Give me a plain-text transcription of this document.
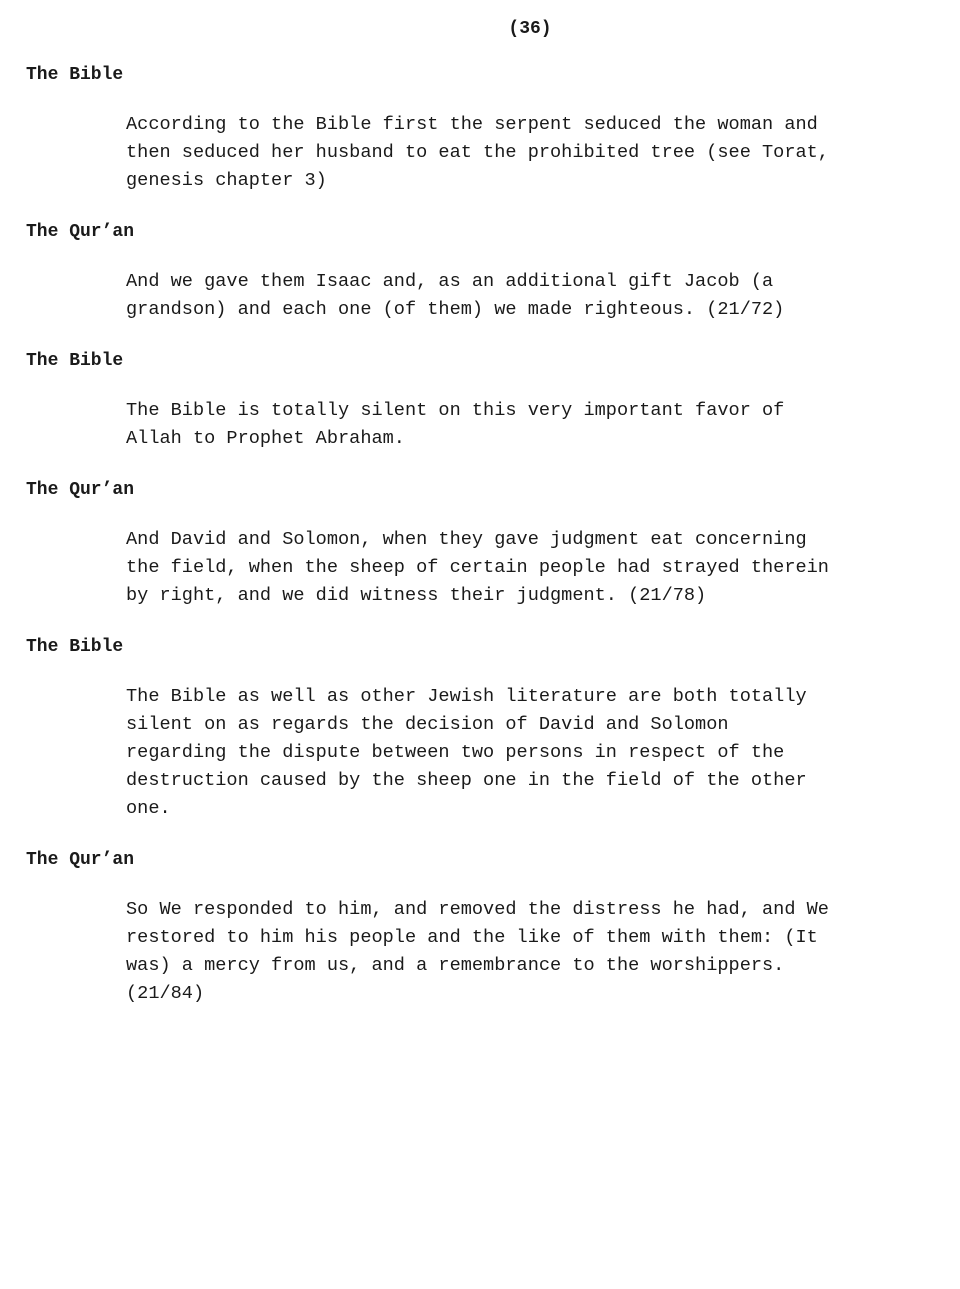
(36)
The Bible
According to the Bible first the serpent seduced the woman and
then seduced her husband to eat the prohibited tree (see Torat,
genesis chapter 3)
The Qur’an
And we gave them Isaac and, as an additional gift Jacob (a
grandson) and each one (of them) we made righteous. (21/72)
The Bible
The Bible is totally silent on this very important favor of
Allah to Prophet Abraham.
The Qur’an
And David and Solomon, when they gave judgment eat concerning
the field, when the sheep of certain people had strayed therein
by right, and we did witness their judgment. (21/78)
The Bible
The Bible as well as other Jewish literature are both totally
silent on as regards the decision of David and Solomon
regarding the dispute between two persons in respect of the
destruction caused by the sheep one in the field of the other
one.
The Qur’an
So We responded to him, and removed the distress he had, and We
restored to him his people and the like of them with them: (It
was) a mercy from us, and a remembrance to the worshippers.
(21/84)
